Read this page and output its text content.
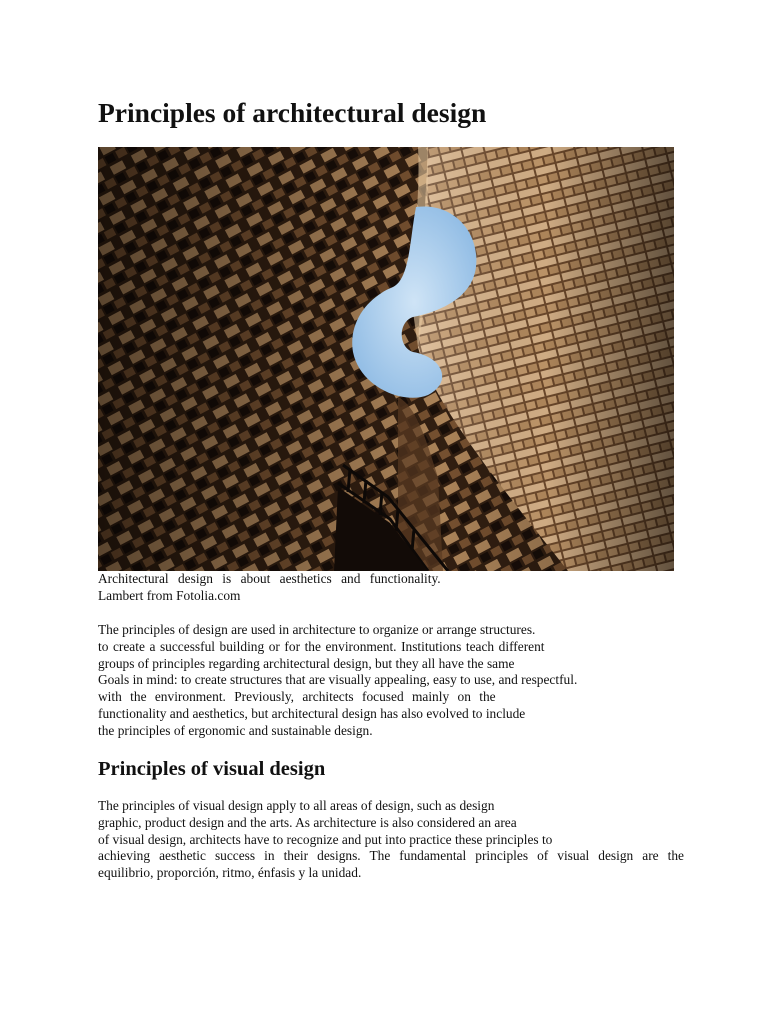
Principles of architectural design
Architectural design is about aesthetics and functionality.
Lambert from Fotolia.com
The principles of design are used in architecture to organize or arrange structures.
to create a successful building or for the environment. Institutions teach different
groups of principles regarding architectural design, but they all have the same
Goals in mind: to create structures that are visually appealing, easy to use, and respectful.
with the environment. Previously, architects focused mainly on the
functionality and aesthetics, but architectural design has also evolved to include
the principles of ergonomic and sustainable design.
Principles of visual design
The principles of visual design apply to all areas of design, such as design
graphic, product design and the arts. As architecture is also considered an area
of visual design, architects have to recognize and put into practice these principles to
achieving aesthetic success in their designs. The fundamental principles of visual design are the
equilibrio, proporción, ritmo, énfasis y la unidad.
